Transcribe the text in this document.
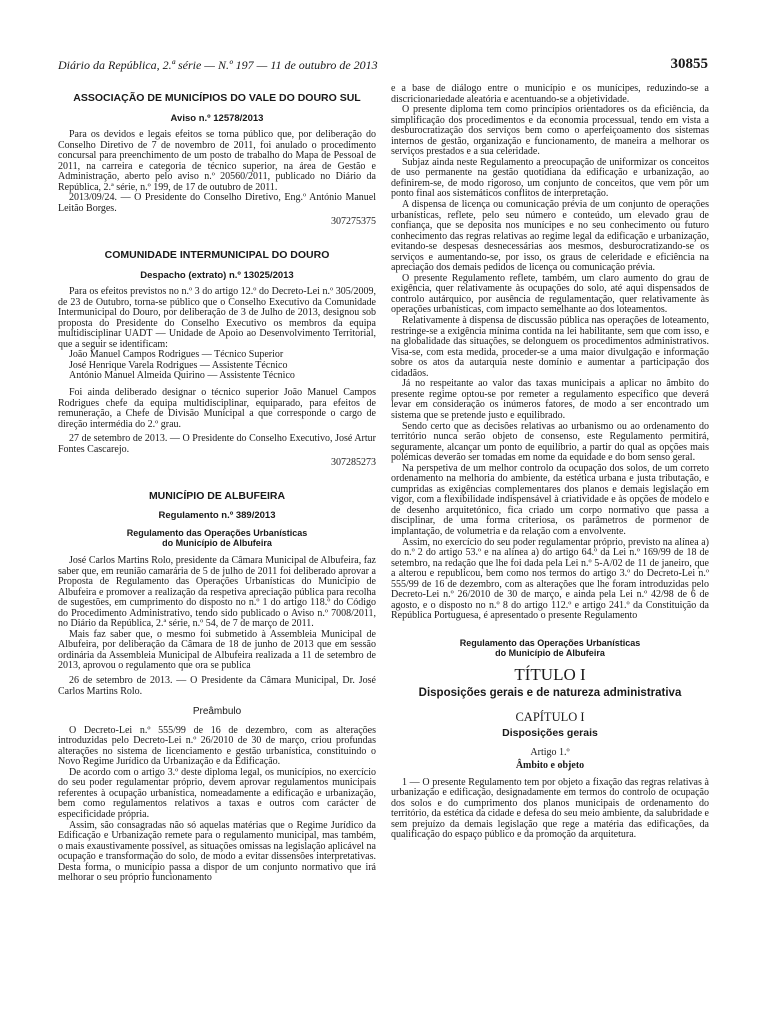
Diário da República, 2.ª série — N.º 197 — 11 de outubro de 2013	30855
ASSOCIAÇÃO DE MUNICÍPIOS DO VALE DO DOURO SUL
Aviso n.º 12578/2013

Para os devidos e legais efeitos se torna público que, por deliberação do Conselho Diretivo de 7 de novembro de 2011, foi anulado o procedimento concursal para preenchimento de um posto de trabalho do Mapa de Pessoal de 2011, na carreira e categoria de técnico superior, na área de Gestão e Administração, aberto pelo aviso n.º 20560/2011, publicado no Diário da República, 2.ª série, n.º 199, de 17 de outubro de 2011.

2013/09/24. — O Presidente do Conselho Diretivo, Eng.º António Manuel Leitão Borges.

307275375

COMUNIDADE INTERMUNICIPAL DO DOURO
Despacho (extrato) n.º 13025/2013

Para os efeitos previstos no n.º 3 do artigo 12.º do Decreto-Lei n.º 305/2009, de 23 de Outubro, torna-se público que o Conselho Executivo da Comunidade Intermunicipal do Douro, por deliberação de 3 de Julho de 2013, designou sob proposta do Presidente do Conselho Executivo os membros da equipa multidisciplinar UADT — Unidade de Apoio ao Desenvolvimento Territorial, que a seguir se identificam:

João Manuel Campos Rodrigues — Técnico Superior

José Henrique Varela Rodrigues — Assistente Técnico

António Manuel Almeida Quirino — Assistente Técnico

Foi ainda deliberado designar o técnico superior João Manuel Campos Rodrigues chefe da equipa multidisciplinar, equiparado, para efeitos de remuneração, a Chefe de Divisão Municipal a que corresponde o cargo de direção intermédia do 2.º grau.

27 de setembro de 2013. — O Presidente do Conselho Executivo, José Artur Fontes Cascarejo.

307285273

MUNICÍPIO DE ALBUFEIRA
Regulamento n.º 389/2013
Regulamento das Operações Urbanísticas
do Município de Albufeira

José Carlos Martins Rolo, presidente da Câmara Municipal de Albufeira, faz saber que, em reunião camarária de 5 de julho de 2011 foi deliberado aprovar a Proposta de Regulamento das Operações Urbanísticas do Município de Albufeira e promover a realização da respetiva apreciação pública para recolha de sugestões, em cumprimento do disposto no n.º 1 do artigo 118.º do Código do Procedimento Administrativo, tendo sido publicado o Aviso n.º 7008/2011, no Diário da República, 2.ª série, n.º 54, de 7 de março de 2011.

Mais faz saber que, o mesmo foi submetido à Assembleia Municipal de Albufeira, por deliberação da Câmara de 18 de junho de 2013 que em sessão ordinária da Assembleia Municipal de Albufeira realizada a 11 de setembro de 2013, aprovou o regulamento que ora se publica

26 de setembro de 2013. — O Presidente da Câmara Municipal, Dr. José Carlos Martins Rolo.

Preâmbulo

O Decreto-Lei n.º 555/99 de 16 de dezembro, com as alterações introduzidas pelo Decreto-Lei n.º 26/2010 de 30 de março, criou profundas alterações no sistema de licenciamento e gestão urbanística, constituindo o Novo Regime Jurídico da Urbanização e da Edificação.

De acordo com o artigo 3.º deste diploma legal, os municípios, no exercício do seu poder regulamentar próprio, devem aprovar regulamentos municipais referentes à ocupação urbanística, nomeadamente a edificação e urbanização, bem como regulamentos relativos a taxas e outros com carácter de especificidade própria.

Assim, são consagradas não só aquelas matérias que o Regime Jurídico da Edificação e Urbanização remete para o regulamento municipal, mas também, o mais exaustivamente possível, as situações omissas na legislação aplicável na ocupação e transformação do solo, de modo a evitar dissensões interpretativas. Desta forma, o município passa a dispor de um conjunto normativo que irá melhorar o seu próprio funcionamento

e a base de diálogo entre o município e os munícipes, reduzindo-se a discricionariedade aleatória e acentuando-se a objetividade.

O presente diploma tem como princípios orientadores os da eficiência, da simplificação dos procedimentos e da economia processual, tendo em vista a desburocratização dos serviços bem como o aperfeiçoamento dos sistemas internos de gestão, organização e funcionamento, de maneira a melhorar os serviços prestados e a sua celeridade.

Subjaz ainda neste Regulamento a preocupação de uniformizar os conceitos de uso permanente na gestão quotidiana da edificação e urbanização, ao definirem-se, de modo rigoroso, um conjunto de conceitos, que vem pôr um ponto final aos sistemáticos conflitos de interpretação.

A dispensa de licença ou comunicação prévia de um conjunto de operações urbanísticas, reflete, pelo seu número e conteúdo, um elevado grau de confiança, que se deposita nos munícipes e no seu conhecimento ou futuro conhecimento das regras relativas ao regime legal da edificação e urbanização, evitando-se despesas desnecessárias aos mesmos, desburocratizando-se os serviços e aumentando-se, por isso, os graus de celeridade e eficiência na apreciação dos demais pedidos de licença ou comunicação prévia.

O presente Regulamento reflete, também, um claro aumento do grau de exigência, quer relativamente às ocupações do solo, até aqui dispensados de controlo autárquico, por ausência de regulamentação, quer relativamente às operações urbanísticas, com impacto semelhante ao dos loteamentos.

Relativamente à dispensa de discussão pública nas operações de loteamento, restringe-se a exigência mínima contida na lei habilitante, sem que com isso, e na globalidade das situações, se delonguem os procedimentos administrativos. Visa-se, com esta medida, proceder-se a uma maior divulgação e informação sobre os atos da autarquia neste domínio e aumentar a participação dos cidadãos.

Já no respeitante ao valor das taxas municipais a aplicar no âmbito do presente regime optou-se por remeter a regulamento específico que deverá levar em consideração os inúmeros fatores, de modo a ser encontrado um sistema que se pretende justo e equilibrado.

Sendo certo que as decisões relativas ao urbanismo ou ao ordenamento do território nunca serão objeto de consenso, este Regulamento permitirá, seguramente, alcançar um ponto de equilíbrio, a partir do qual as opções mais polémicas deverão ser tomadas em nome da equidade e do bom senso geral.

Na perspetiva de um melhor controlo da ocupação dos solos, de um correto ordenamento na melhoria do ambiente, da estética urbana e justa tributação, e cumpridas as exigências complementares dos planos e demais legislação em vigor, com a flexibilidade indispensável à criatividade e às opções de modelo e de desenho arquitetónico, fica criado um corpo normativo que passa a disciplinar, de uma forma criteriosa, os parâmetros de pormenor de implantação, de volumetria e da relação com a envolvente.

Assim, no exercício do seu poder regulamentar próprio, previsto na alínea a) do n.º 2 do artigo 53.º e na alínea a) do artigo 64.º da Lei n.º 169/99 de 18 de setembro, na redação que lhe foi dada pela Lei n.º 5-A/02 de 11 de janeiro, que a alterou e republicou, bem como nos termos do artigo 3.º do Decreto-Lei n.º 555/99 de 16 de dezembro, com as alterações que lhe foram introduzidas pelo Decreto-Lei n.º 26/2010 de 30 de março, e ainda pela Lei n.º 42/98 de 6 de agosto, e o disposto no n.º 8 do artigo 112.º e artigo 241.º da Constituição da República Portuguesa, é apresentado o presente Regulamento

Regulamento das Operações Urbanísticas
do Município de Albufeira
TÍTULO I
Disposições gerais e de natureza administrativa
CAPÍTULO I
Disposições gerais
Artigo 1.º
Âmbito e objeto

1 — O presente Regulamento tem por objeto a fixação das regras relativas à urbanização e edificação, designadamente em termos do controlo de ocupação dos solos e do cumprimento dos planos municipais de ordenamento do território, da estética da cidade e defesa do seu meio ambiente, da salubridade e sem prejuízo da demais legislação que rege a matéria das edificações, da qualificação do espaço público e da promoção da arquitetura.
